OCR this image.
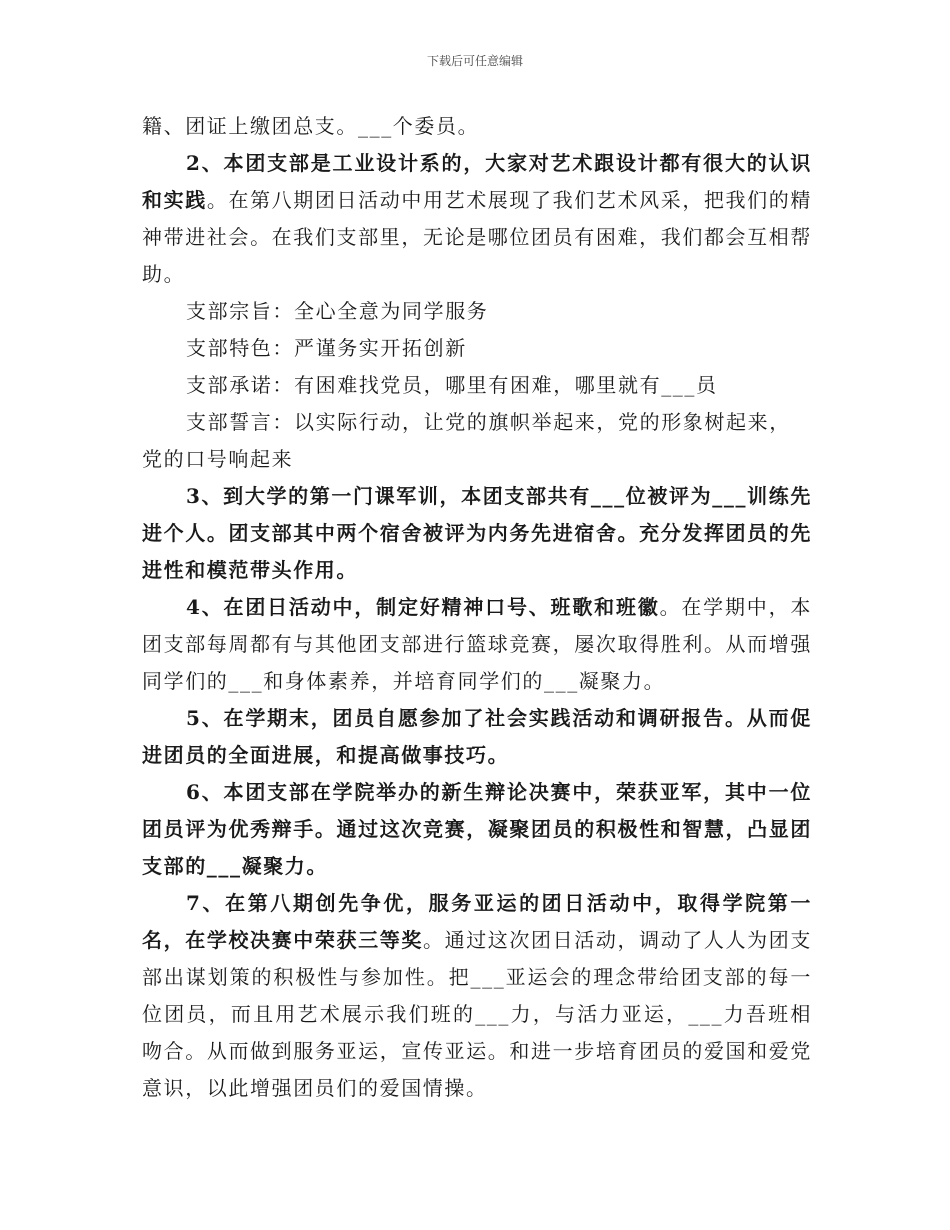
下载后可任意编辑

籍、团证上缴团总支。___个委员。

2、本团支部是工业设计系的，大家对艺术跟设计都有很大的认识和实践。在第八期团日活动中用艺术展现了我们艺术风采，把我们的精神带进社会。在我们支部里，无论是哪位团员有困难，我们都会互相帮助。

支部宗旨：全心全意为同学服务

支部特色：严谨务实开拓创新

支部承诺：有困难找党员，哪里有困难，哪里就有___员

支部誓言：以实际行动，让党的旗帜举起来，党的形象树起来，

党的口号响起来

3、到大学的第一门课军训，本团支部共有___位被评为___训练先进个人。团支部其中两个宿舍被评为内务先进宿舍。充分发挥团员的先进性和模范带头作用。

4、在团日活动中，制定好精神口号、班歌和班徽。在学期中，本团支部每周都有与其他团支部进行篮球竞赛，屡次取得胜利。从而增强同学们的___和身体素养，并培育同学们的___凝聚力。

5、在学期末，团员自愿参加了社会实践活动和调研报告。从而促进团员的全面进展，和提高做事技巧。

6、本团支部在学院举办的新生辩论决赛中，荣获亚军，其中一位团员评为优秀辩手。通过这次竞赛，凝聚团员的积极性和智慧，凸显团支部的___凝聚力。

7、在第八期创先争优，服务亚运的团日活动中，取得学院第一名，在学校决赛中荣获三等奖。通过这次团日活动，调动了人人为团支部出谋划策的积极性与参加性。把___亚运会的理念带给团支部的每一位团员，而且用艺术展示我们班的___力，与活力亚运，___力吾班相吻合。从而做到服务亚运，宣传亚运。和进一步培育团员的爱国和爱党意识，以此增强团员们的爱国情操。
